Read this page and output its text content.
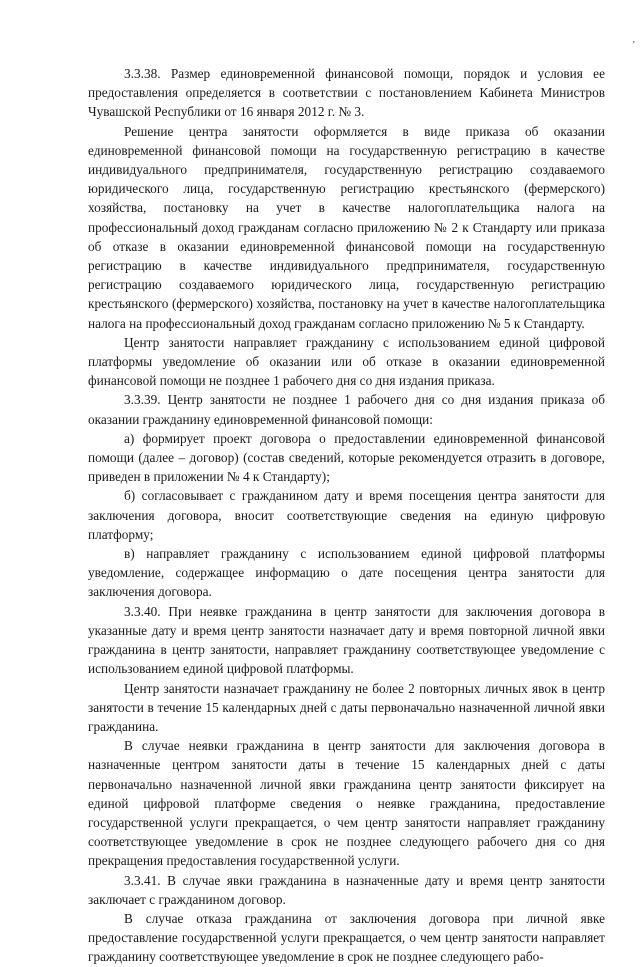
,

3.3.38. Размер единовременной финансовой помощи, порядок и условия ее предоставления определяется в соответствии с постановлением Кабинета Министров Чувашской Республики от 16 января 2012 г. № 3.

Решение центра занятости оформляется в виде приказа об оказании единовременной финансовой помощи на государственную регистрацию в качестве индивидуального предпринимателя, государственную регистрацию создаваемого юридического лица, государственную регистрацию крестьянского (фермерского) хозяйства, постановку на учет в качестве налогоплательщика налога на профессиональный доход гражданам согласно приложению № 2 к Стандарту или приказа об отказе в оказании единовременной финансовой помощи на государственную регистрацию в качестве индивидуального предпринимателя, государственную регистрацию создаваемого юридического лица, государственную регистрацию крестьянского (фермерского) хозяйства, постановку на учет в качестве налогоплательщика налога на профессиональный доход гражданам согласно приложению № 5 к Стандарту.

Центр занятости направляет гражданину с использованием единой цифровой платформы уведомление об оказании или об отказе в оказании единовременной финансовой помощи не позднее 1 рабочего дня со дня издания приказа.

3.3.39. Центр занятости не позднее 1 рабочего дня со дня издания приказа об оказании гражданину единовременной финансовой помощи:

а) формирует проект договора о предоставлении единовременной финансовой помощи (далее – договор) (состав сведений, которые рекомендуется отразить в договоре, приведен в приложении № 4 к Стандарту);

б) согласовывает с гражданином дату и время посещения центра занятости для заключения договора, вносит соответствующие сведения на единую цифровую платформу;

в) направляет гражданину с использованием единой цифровой платформы уведомление, содержащее информацию о дате посещения центра занятости для заключения договора.

3.3.40. При неявке гражданина в центр занятости для заключения договора в указанные дату и время центр занятости назначает дату и время повторной личной явки гражданина в центр занятости, направляет гражданину соответствующее уведомление с использованием единой цифровой платформы.

Центр занятости назначает гражданину не более 2 повторных личных явок в центр занятости в течение 15 календарных дней с даты первоначально назначенной личной явки гражданина.

В случае неявки гражданина в центр занятости для заключения договора в назначенные центром занятости даты в течение 15 календарных дней с даты первоначально назначенной личной явки гражданина центр занятости фиксирует на единой цифровой платформе сведения о неявке гражданина, предоставление государственной услуги прекращается, о чем центр занятости направляет гражданину соответствующее уведомление в срок не позднее следующего рабочего дня со дня прекращения предоставления государственной услуги.

3.3.41. В случае явки гражданина в назначенные дату и время центр занятости заключает с гражданином договор.

В случае отказа гражданина от заключения договора при личной явке предоставление государственной услуги прекращается, о чем центр занятости направляет гражданину соответствующее уведомление в срок не позднее следующего рабо-
